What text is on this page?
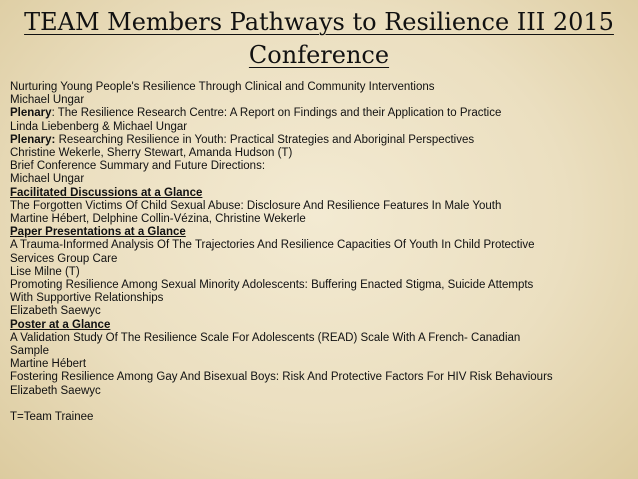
TEAM Members Pathways to Resilience III 2015
Conference
Nurturing Young People's Resilience Through Clinical and Community Interventions
Michael Ungar
Plenary: The Resilience Research Centre: A Report on Findings and their Application to Practice
Linda Liebenberg & Michael Ungar
Plenary: Researching Resilience in Youth: Practical Strategies and Aboriginal Perspectives
Christine Wekerle, Sherry Stewart, Amanda Hudson (T)
Brief Conference Summary and Future Directions:
Michael Ungar
Facilitated Discussions at a Glance
The Forgotten Victims Of Child Sexual Abuse: Disclosure And Resilience Features In Male Youth
Martine Hébert, Delphine Collin-Vézina, Christine Wekerle
Paper Presentations at a Glance
A Trauma-Informed Analysis Of The Trajectories And Resilience Capacities Of Youth In Child Protective
Services Group Care
Lise Milne (T)
Promoting Resilience Among Sexual Minority Adolescents: Buffering Enacted Stigma, Suicide Attempts
With Supportive Relationships
Elizabeth Saewyc
Poster at a Glance
A Validation Study Of The Resilience Scale For Adolescents (READ) Scale With A French- Canadian
Sample
Martine Hébert
Fostering Resilience Among Gay And Bisexual Boys: Risk And Protective Factors For HIV Risk Behaviours
Elizabeth Saewyc
T=Team Trainee
